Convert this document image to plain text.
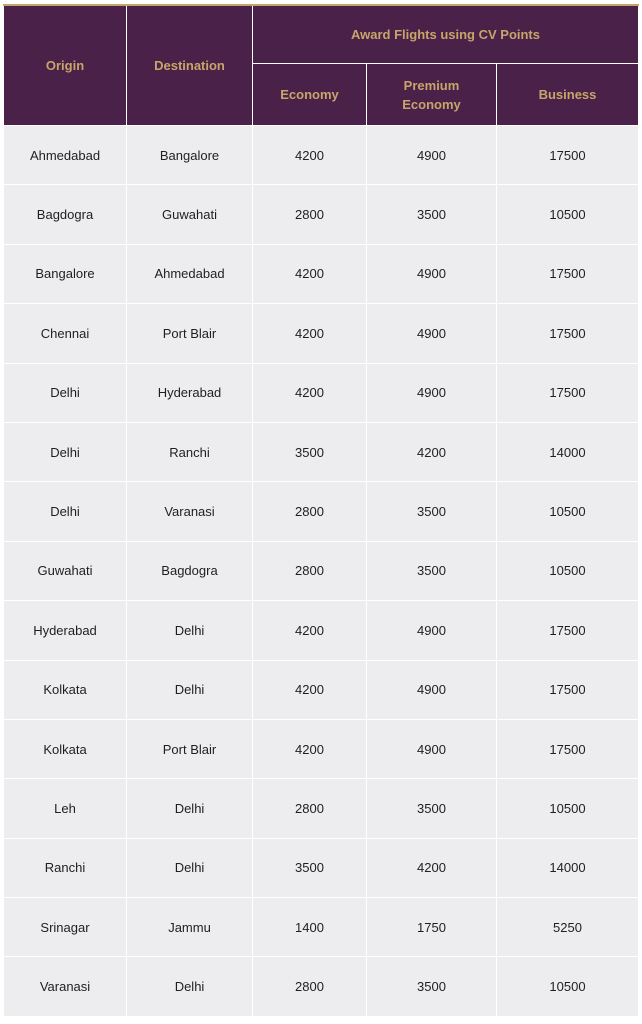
Origin	Destination	Award Flights using CV Points		
		Economy	Premium Economy	Business
Ahmedabad	Bangalore	4200	4900	17500
Bagdogra	Guwahati	2800	3500	10500
Bangalore	Ahmedabad	4200	4900	17500
Chennai	Port Blair	4200	4900	17500
Delhi	Hyderabad	4200	4900	17500
Delhi	Ranchi	3500	4200	14000
Delhi	Varanasi	2800	3500	10500
Guwahati	Bagdogra	2800	3500	10500
Hyderabad	Delhi	4200	4900	17500
Kolkata	Delhi	4200	4900	17500
Kolkata	Port Blair	4200	4900	17500
Leh	Delhi	2800	3500	10500
Ranchi	Delhi	3500	4200	14000
Srinagar	Jammu	1400	1750	5250
Varanasi	Delhi	2800	3500	10500
